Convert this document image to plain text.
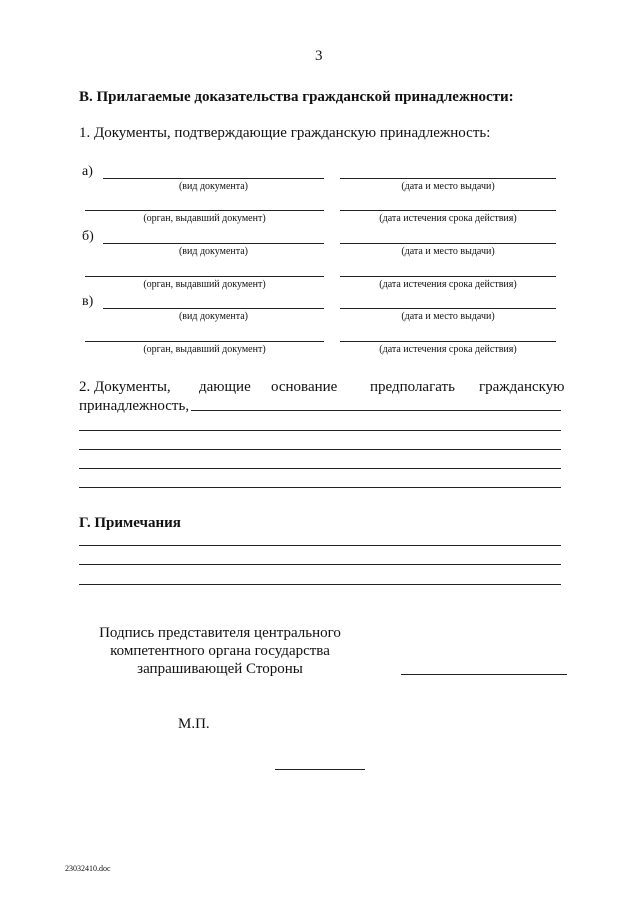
3
В. Прилагаемые доказательства гражданской принадлежности:
1. Документы, подтверждающие гражданскую принадлежность:
а)
(вид документа)	(дата и место выдачи)
(орган, выдавший документ)	(дата истечения срока действия)
б)
(вид документа)	(дата и место выдачи)
(орган, выдавший документ)	(дата истечения срока действия)
в)
(вид документа)	(дата и место выдачи)
(орган, выдавший документ)	(дата истечения срока действия)
2. Документы, дающие основание предполагать гражданскую
принадлежность,
Г. Примечания
Подпись представителя центрального
компетентного органа государства
запрашивающей Стороны
М.П.
23032410.doc
